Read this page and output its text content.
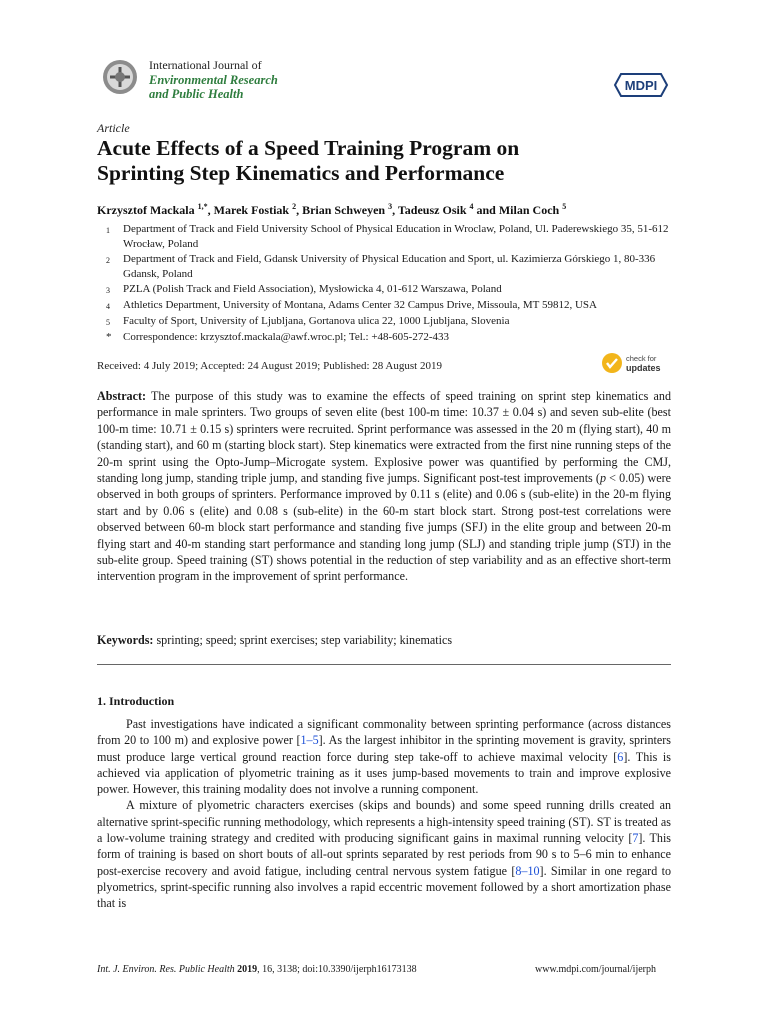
International Journal of
Environmental Research
and Public Health
MDPI
Article
Acute Effects of a Speed Training Program on
Sprinting Step Kinematics and Performance
Krzysztof Mackala $^{1,*}$, Marek Fostiak $^2$, Brian Schweyen $^3$, Tadeusz Osik $^4$ and Milan Coch $^5$
1	Department of Track and Field University School of Physical Education in Wroclaw, Poland, Ul. Paderewskiego 35, 51-612 Wrocław, Poland
2	Department of Track and Field, Gdansk University of Physical Education and Sport, ul. Kazimierza Górskiego 1, 80-336 Gdansk, Poland
3	PZLA (Polish Track and Field Association), Mysłowicka 4, 01-612 Warszawa, Poland
4	Athletics Department, University of Montana, Adams Center 32 Campus Drive, Missoula, MT 59812, USA
5	Faculty of Sport, University of Ljubljana, Gortanova ulica 22, 1000 Ljubljana, Slovenia
*	Correspondence: krzysztof.mackala@awf.wroc.pl; Tel.: +48-605-272-433
Received: 4 July 2019; Accepted: 24 August 2019; Published: 28 August 2019
check for
updates
Abstract: The purpose of this study was to examine the effects of speed training on sprint step kinematics and performance in male sprinters. Two groups of seven elite (best 100-m time: 10.37 ± 0.04 s) and seven sub-elite (best 100-m time: 10.71 ± 0.15 s) sprinters were recruited. Sprint performance was assessed in the 20 m (flying start), 40 m (standing start), and 60 m (starting block start). Step kinematics were extracted from the first nine running steps of the 20-m sprint using the Opto-Jump–Microgate system. Explosive power was quantified by performing the CMJ, standing long jump, standing triple jump, and standing five jumps. Significant post-test improvements (p < 0.05) were observed in both groups of sprinters. Performance improved by 0.11 s (elite) and 0.06 s (sub-elite) in the 20-m flying start and by 0.06 s (elite) and 0.08 s (sub-elite) in the 60-m start block start. Strong post-test correlations were observed between 60-m block start performance and standing five jumps (SFJ) in the elite group and between 20-m flying start and 40-m standing start performance and standing long jump (SLJ) and standing triple jump (STJ) in the sub-elite group. Speed training (ST) shows potential in the reduction of step variability and as an effective short-term intervention program in the improvement of sprint performance.
Keywords: sprinting; speed; sprint exercises; step variability; kinematics
1. Introduction

Past investigations have indicated a significant commonality between sprinting performance (across distances from 20 to 100 m) and explosive power [1–5]. As the largest inhibitor in the sprinting movement is gravity, sprinters must produce large vertical ground reaction force during step take-off to achieve maximal velocity [6]. This is achieved via application of plyometric training as it uses jump-based movements to train and improve explosive power. However, this training modality does not involve a running component.

A mixture of plyometric characters exercises (skips and bounds) and some speed running drills created an alternative sprint-specific running methodology, which represents a high-intensity speed training (ST). ST is treated as a low-volume training strategy and credited with producing significant gains in maximal running velocity [7]. This form of training is based on short bouts of all-out sprints separated by rest periods from 90 s to 5–6 min to enhance post-exercise recovery and avoid fatigue, including central nervous system fatigue [8–10]. Similar in one regard to plyometrics, sprint-specific running also involves a rapid eccentric movement followed by a short amortization phase that is

Int. J. Environ. Res. Public Health 2019, 16, 3138; doi:10.3390/ijerph16173138	www.mdpi.com/journal/ijerph
